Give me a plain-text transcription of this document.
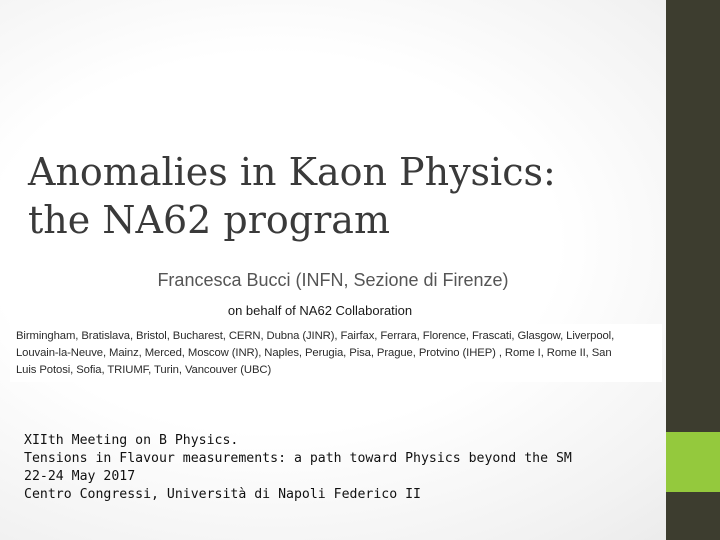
Anomalies in Kaon Physics:
the NA62 program
Francesca Bucci (INFN, Sezione di Firenze)
on behalf of NA62 Collaboration
Birmingham, Bratislava, Bristol, Bucharest, CERN, Dubna (JINR), Fairfax, Ferrara, Florence, Frascati, Glasgow, Liverpool,
Louvain-la-Neuve, Mainz, Merced, Moscow (INR), Naples, Perugia, Pisa, Prague, Protvino (IHEP) , Rome I, Rome II, San
Luis Potosi, Sofia, TRIUMF, Turin, Vancouver (UBC)
XIIth Meeting on B Physics.
Tensions in Flavour measurements: a path toward Physics beyond the SM
22-24 May 2017
Centro Congressi, Università di Napoli Federico II
